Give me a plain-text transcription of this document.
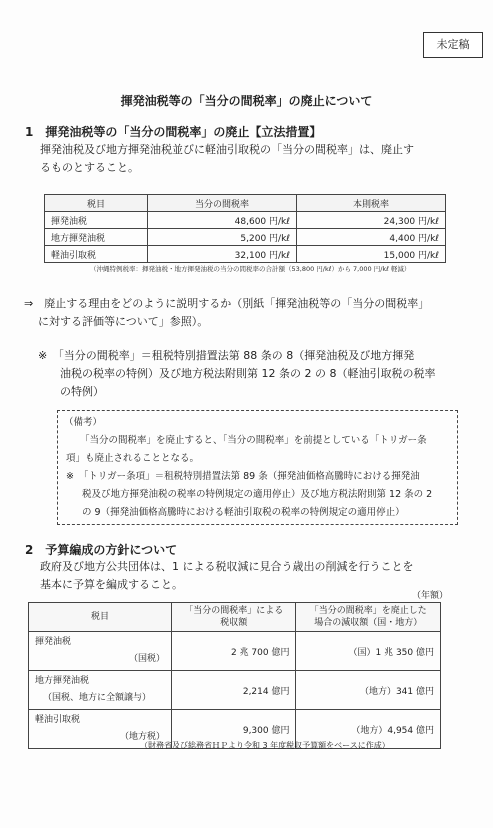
未定稿
揮発油税等の「当分の間税率」の廃止について
1　揮発油税等の「当分の間税率」の廃止【立法措置】
揮発油税及び地方揮発油税並びに軽油引取税の「当分の間税率」は、廃止す
るものとすること。
税目	当分の間税率	本則税率
揮発油税	48,600 円/kℓ	24,300 円/kℓ
地方揮発油税	5,200 円/kℓ	4,400 円/kℓ
軽油引取税	32,100 円/kℓ	15,000 円/kℓ
（沖縄特例税率：揮発油税・地方揮発油税の当分の間税率の合計額（53,800 円/kℓ）から 7,000 円/kℓ 軽減）
⇒　廃止する理由をどのように説明するか（別紙「揮発油税等の「当分の間税率」
に対する評価等について」参照）。
※　「当分の間税率」＝租税特別措置法第 88 条の 8（揮発油税及び地方揮発
油税の税率の特例）及び地方税法附則第 12 条の 2 の 8（軽油引取税の税率
の特例）
（備考）
「当分の間税率」を廃止すると、「当分の間税率」を前提としている「トリガー条
項」も廃止されることとなる。
※　「トリガー条項」＝租税特別措置法第 89 条（揮発油価格高騰時における揮発油
税及び地方揮発油税の税率の特例規定の適用停止）及び地方税法附則第 12 条の 2
の 9（揮発油価格高騰時における軽油引取税の税率の特例規定の適用停止）
2　予算編成の方針について
政府及び地方公共団体は、1 による税収減に見合う歳出の削減を行うことを
基本に予算を編成すること。
（年額）
税目	「当分の間税率」による
税収額	「当分の間税率」を廃止した
場合の減収額（国・地方）

揮発油税
（国税）	2 兆 700 億円	（国）1 兆 350 億円

地方揮発油税
（国税、地方に全額譲与）	2,214 億円	（地方）341 億円

軽油引取税
（地方税）	9,300 億円	（地方）4,954 億円
（財務省及び総務省ＨＰより令和 3 年度税収予算額をベースに作成）
